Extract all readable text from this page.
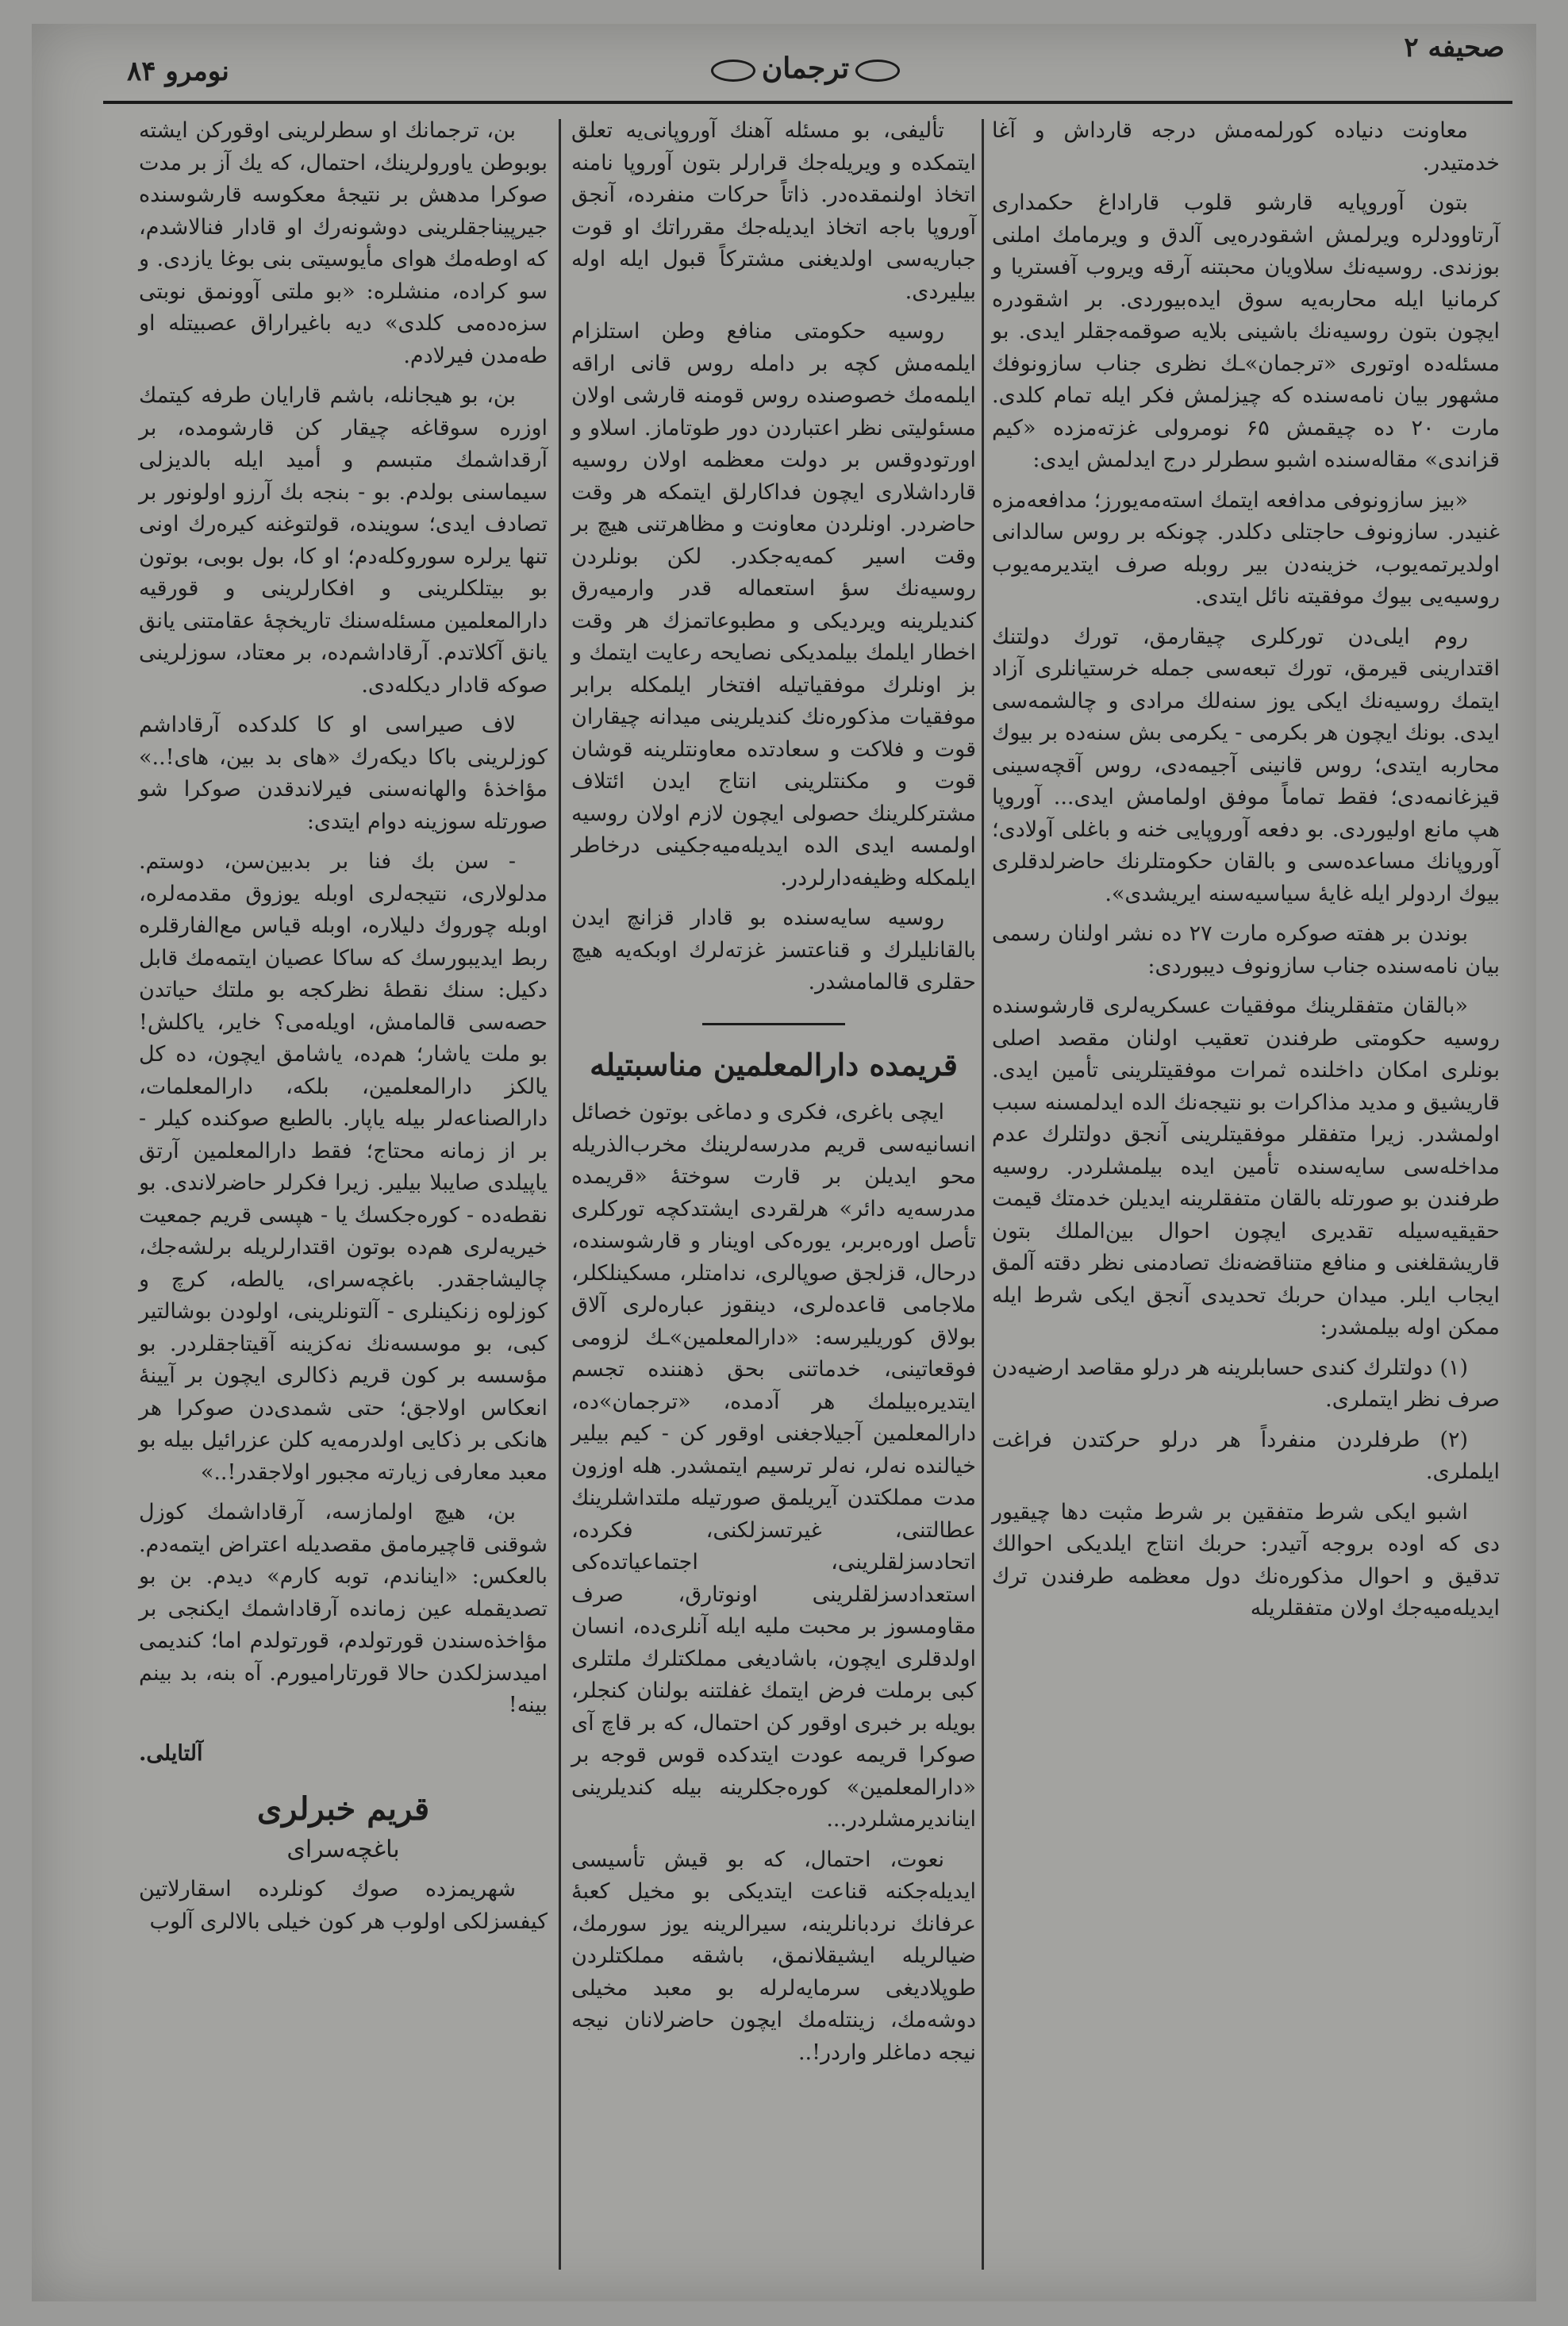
صحیفه ۲
ترجمان
نومرو ۸۴

معاونت دنیاده کورلمه‌مش درجه قارداش و آغا خدمتیدر.

بتون آوروپایه قارشو قلوب قاراداغ حکمداری آرتاوودلره ویرلمش اشقودره‌یی آلدق و ویرمامك املنی بوزندی. روسیه‌نك سلاویان محبتنه آرقه ویروب آفستریا و کرمانیا ایله محاربه‌یه سوق ایده‌بیوردی. بر اشقودره ایچون بتون روسیه‌نك باشینی بلایه صوقمه‌جقلر ایدی. بو مسئله‌ده اوتوری «ترجمان»ـك نظری جناب سازونوفك مشهور بیان نامه‌سنده که چیزلمش فکر ایله تمام کلدی. مارت ۲۰ ده چیقمش ۶۵ نومرولی غزته‌مزده «کیم قزاندی» مقاله‌سنده اشبو سطرلر درج ایدلمش ایدی:

«بیز سازونوفی مدافعه ایتمك استه‌مه‌یورز؛ مدافعه‌مزه غنیدر. سازونوف حاجتلی دکلدر. چونکه بر روس سالدانی اولدیرتمه‌یوب، خزینه‌دن بیر روبله صرف ایتدیرمه‌یوب روسیه‌یی بیوك موفقیته نائل ایتدی.

روم ایلی‌دن تورکلری چیقارمق، تورك دولتنك اقتدارینی قیرمق، تورك تبعه‌سی جمله خرستیانلری آزاد ایتمك روسیه‌نك ایکی یوز سنه‌لك مرادی و چالشمه‌سی ایدی. بونك ایچون هر بکرمی - یکرمی بش سنه‌ده بر بیوك محاربه ایتدی؛ روس قانینی آجیمه‌دی، روس آقچه‌سینی قیزغانمه‌دی؛ فقط تماماً موفق اولمامش ایدی... آوروپا هپ مانع اولیوردی. بو دفعه آوروپایی خنه و باغلی آولادی؛ آوروپانك مساعده‌سی و بالقان حکومتلرنك حاضرلدقلری بیوك اردولر ایله غایهٔ سیاسیه‌سنه ایریشدی».

بوندن بر هفته صوکره مارت ۲۷ ده نشر اولنان رسمی بیان نامه‌سنده جناب سازونوف دیبوردی:

«بالقان متفقلرینك موفقیات عسکریه‌لری قارشوسنده روسیه حکومتی طرفندن تعقیب اولنان مقصد اصلی بونلری امکان داخلنده ثمرات موفقیتلرینی تأمین ایدی. قاریشیق و مدید مذاکرات بو نتیجه‌نك الده ایدلمسنه سبب اولمشدر. زیرا متفقلر موفقیتلرینی آنجق دولتلرك عدم مداخله‌سی سایه‌سنده تأمین ایده بیلمشلردر. روسیه طرفندن بو صورتله بالقان متفقلرینه ایدیلن خدمتك قیمت حقیقیه‌سیله تقدیری ایچون احوال بین‌الملك بتون قاریشقلغنی و منافع متناقضه‌نك تصادمنی نظر دقته آلمق ایجاب ایلر. میدان حربك تحدیدی آنجق ایکی شرط ایله ممکن اوله بیلمشدر:

(۱) دولتلرك کندی حسابلرینه هر درلو مقاصد ارضیه‌دن صرف نظر ایتملری.

(۲) طرفلردن منفرداً هر درلو حرکتدن فراغت ایلملری.

اشبو ایکی شرط متفقین بر شرط مثبت دها چیقیور دی که اوده بروجه آتیدر: حربك انتاج ایلدیکی احوالك تدقیق و احوال مذکوره‌نك دول معظمه طرفندن ترك ایدیله‌میه‌جك اولان متفقلریله

تألیفی، بو مسئله آهنك آوروپانی‌یه تعلق ایتمکده و ویریله‌جك قرارلر بتون آوروپا نامنه اتخاذ اولنمقده‌در. ذاتاً حرکات منفرده، آنجق آوروپا باجه اتخاذ ایدیله‌جك مقرراتك او قوت جباریه‌سی اولدیغنی مشترکاً قبول ایله اوله بیلیردی.

روسیه حکومتی منافع وطن استلزام ایلمه‌مش کچه بر دامله روس قانی اراقه ایلمه‌مك خصوصنده روس قومنه قارشی اولان مسئولیتی نظر اعتباردن دور طوتاماز. اسلاو و اورتودوقس بر دولت معظمه اولان روسیه قارداشلاری ایچون فداکارلق ایتمکه هر وقت حاضردر. اونلردن معاونت و مظاهرتنی هیچ بر وقت اسیر کمه‌یه‌جکدر. لکن بونلردن روسیه‌نك سؤ استعماله قدر وارمیه‌رق کندیلرینه ویردیکی و مطبوعاتمزك هر وقت اخطار ایلمك بیلمدیکی نصایحه رعایت ایتمك و بز اونلرك موفقیاتیله افتخار ایلمکله برابر موفقیات مذکوره‌نك کندیلرینی میدانه چیقاران قوت و فلاکت و سعادتده معاونتلرینه قوشان قوت و مکنتلرینی انتاج ایدن ائتلاف مشترکلرینك حصولی ایچون لازم اولان روسیه اولمسه ایدی الده ایدیله‌میه‌جکینی درخاطر ایلمکله وظیفه‌دارلردر.

روسیه سایه‌سنده بو قادار قزانچ ایدن بالقانلیلرك و قناعتسز غزته‌لرك اوبکه‌یه هیچ حقلری قالمامشدر.

قریمده دارالمعلمین مناسبتیله

ایچی باغری، فکری و دماغی بوتون خصائل انسانیه‌سی قریم مدرسه‌لرینك مخرب‌الذریله محو ایدیلن بر قارت سوختهٔ «قریمده مدرسه‌یه دائر» هرلقردی ایشتدکچه تورکلری تأصل اوره‌بربر، یوره‌کی اوینار و قارشوسنده، درحال، قزلجق صوپالری، ندامتلر، مسکینلکلر، ملاجامی قاعده‌لری، دینقوز عباره‌لری آلاق بولاق کوریلیرسه: «دارالمعلمین»ـك لزومی فوقعاتینی، خدماتنی بحق ذهننده تجسم ایتدیره‌بیلمك هر آدمده، «ترجمان»ده، دارالمعلمین آجیلاجغنی اوقور کن - کیم بیلیر خیالنده نه‌لر، نه‌لر ترسیم ایتمشدر. هله اوزون مدت مملکتدن آیریلمق صورتیله ملتداشلرینك عطالتنی، غیرتسزلکنی، فکرده، اتحادسزلقلرینی، اجتماعیاتده‌کی استعدادسزلقلرینی اونوتارق، صرف مقاومسوز بر محبت ملیه ایله آنلری‌ده، انسان اولدقلری ایچون، باشادیغی مملکتلرك ملتلری کبی برملت فرض ایتمك غفلتنه بولنان کنجلر، بویله بر خبری اوقور کن احتمال، که بر قاچ آی صوکرا قریمه عودت ایتدکده قوس قوجه بر «دارالمعلمین» کوره‌جکلرینه بیله کندیلرینی ایناندیرمشلردر...

نعوت، احتمال، که بو قیش تأسیسی ایدیله‌جکنه قناعت ایتدیکی بو مخیل کعبهٔ عرفانك نردبانلرینه، سیرالرینه یوز سورمك، ضیالریله ایشیقلانمق، باشقه مملکتلردن طوپلادیغی سرمایه‌لرله بو معبد مخیلی دوشه‌مك، زینتله‌مك ایچون حاضرلانان نیجه نیجه دماغلر واردر!..

بن، ترجمانك او سطرلرینی اوقورکن ایشته بوبوطن یاورولرینك، احتمال، که یك آز بر مدت صوکرا مدهش بر نتیجهٔ معکوسه قارشوسنده جیرپیناجقلرینی دوشونه‌رك او قادار فنالاشدم، که اوطه‌مك هوای مأیوسیتی بنی بوغا یازدی. و سو کراده، منشلره: «بو ملتی آوونمق نوبتی سزه‌ده‌می کلدی» دیه باغیراراق عصبیتله او طه‌مدن فیرلادم.

بن، بو هیجانله، باشم قارایان طرفه کیتمك اوزره سوقاغه چیقار کن قارشومده، بر آرقداشمك متبسم و أمید ایله بالدیزلی سیماسنی بولدم. بو - بنجه بك آرزو اولونور بر تصادف ایدی؛ سوینده، قولتوغنه کیره‌رك اونی تنها یرلره سوروکله‌دم؛ او کا، بول بوبی، بوتون بو بیتلکلرینی و افکارلرینی و قورقیه دارالمعلمین مسئله‌سنك تاریخچهٔ عقامتنی یانق یانق آکلاتدم. آرقاداشم‌ده، بر معتاد، سوزلرینی صوکه قادار دیکله‌دی.

لاف صیراسی او کا کلدکده آرقاداشم کوزلرینی باکا دیکه‌رك «های بد بین، های!..» مؤاخذهٔ والهانه‌سنی فیرلاندقدن صوکرا شو صورتله سوزینه دوام ایتدی:

- سن بك فنا بر بدبین‌سن، دوستم. مدلولاری، نتیجه‌لری اوبله یوزوق مقدمه‌لره، اوبله چوروك دلیلاره، اوبله قیاس مع‌الفارقلره ربط ایدیبورسك که ساکا عصیان ایتمه‌مك قابل دکیل: سنك نقطهٔ نظرکجه بو ملتك حیاتدن حصه‌سی قالمامش، اویله‌می؟ خایر، یاکلش! بو ملت یاشار؛ هم‌ده، یاشامق ایچون، ده کل یالکز دارالمعلمین، بلکه، دارالمعلمات، دارالصناعه‌لر بیله یاپار. بالطبع صوکنده کیلر - بر از زمانه محتاج؛ فقط دارالمعلمین آرتق یاپیلدی صایبلا بیلیر. زیرا فکرلر حاضرلاندی. بو نقطه‌ده - کوره‌جکسك یا - هپسی قریم جمعیت خیریه‌لری هم‌ده بوتون اقتدارلریله برلشه‌جك، چالیشاجقدر. باغچه‌سرای، یالطه، کرچ و کوزلوه زنکینلری - آلتونلرینی، اولودن بوشالتیر کبی، بو موسسه‌نك نه‌کزینه آقیتاجقلردر. بو مؤسسه بر کون قریم ذکالری ایچون بر آیینهٔ انعکاس اولاجق؛ حتی شمدی‌دن صوکرا هر هانکی بر ذکایی اولدرمه‌یه کلن عزرائیل بیله بو معبد معارفی زیارته مجبور اولاجقدر!..»

بن، هیچ اولمازسه، آرقاداشمك کوزل شوقنی قاچیرمامق مقصدیله اعتراض ایتمه‌دم. بالعکس: «ایناندم، توبه کارم» دیدم. بن بو تصدیقمله عین زمانده آرقاداشمك ایکنجی بر مؤاخذه‌سندن قورتولدم، قورتولدم اما؛ کندیمی امیدسزلکدن حالا قورتارامیورم. آه بنه، بد بینم بینه!

آلتایلی.
قریم خبرلری
باغچه‌سرای

شهریمزده صوك کونلرده اسقارلاتین کیفسزلکی اولوب هر کون خیلی بالالری آلوب
